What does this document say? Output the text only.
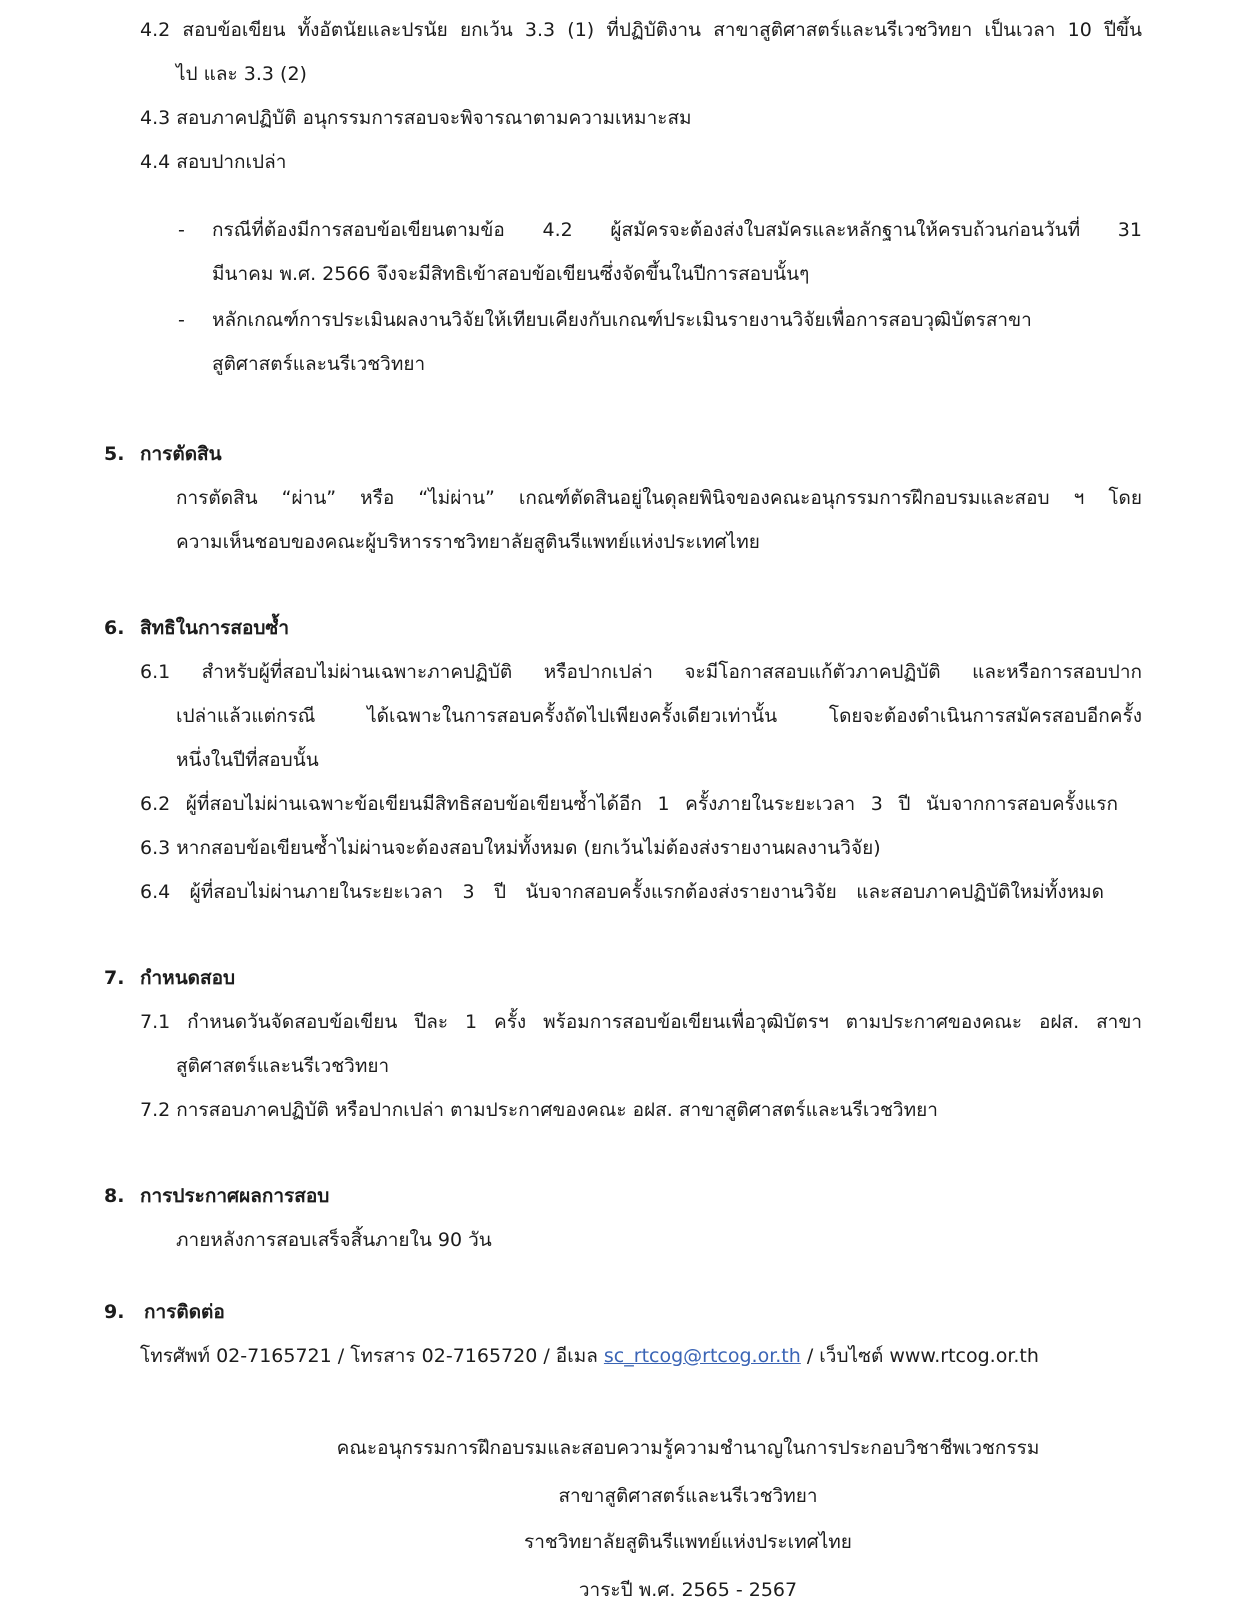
4.2 สอบข้อเขียน ทั้งอัตนัยและปรนัย ยกเว้น 3.3 (1) ที่ปฏิบัติงาน สาขาสูติศาสตร์และนรีเวชวิทยา เป็นเวลา 10 ปีขึ้น
ไป และ 3.3 (2)
4.3 สอบภาคปฏิบัติ อนุกรรมการสอบจะพิจารณาตามความเหมาะสม
4.4 สอบปากเปล่า
- กรณีที่ต้องมีการสอบข้อเขียนตามข้อ 4.2 ผู้สมัครจะต้องส่งใบสมัครและหลักฐานให้ครบถ้วนก่อนวันที่ 31
มีนาคม พ.ศ. 2566 จึงจะมีสิทธิเข้าสอบข้อเขียนซึ่งจัดขึ้นในปีการสอบนั้นๆ
- หลักเกณฑ์การประเมินผลงานวิจัยให้เทียบเคียงกับเกณฑ์ประเมินรายงานวิจัยเพื่อการสอบวุฒิบัตรสาขา
สูติศาสตร์และนรีเวชวิทยา
5. การตัดสิน
การตัดสิน “ผ่าน” หรือ “ไม่ผ่าน” เกณฑ์ตัดสินอยู่ในดุลยพินิจของคณะอนุกรรมการฝึกอบรมและสอบ ฯ โดย
ความเห็นชอบของคณะผู้บริหารราชวิทยาลัยสูตินรีแพทย์แห่งประเทศไทย
6. สิทธิในการสอบซ้ำ
6.1 สำหรับผู้ที่สอบไม่ผ่านเฉพาะภาคปฏิบัติ หรือปากเปล่า จะมีโอกาสสอบแก้ตัวภาคปฏิบัติ และหรือการสอบปาก
เปล่าแล้วแต่กรณี ได้เฉพาะในการสอบครั้งถัดไปเพียงครั้งเดียวเท่านั้น โดยจะต้องดำเนินการสมัครสอบอีกครั้ง
หนึ่งในปีที่สอบนั้น
6.2 ผู้ที่สอบไม่ผ่านเฉพาะข้อเขียนมีสิทธิสอบข้อเขียนซ้ำได้อีก 1 ครั้งภายในระยะเวลา 3 ปี นับจากการสอบครั้งแรก
6.3 หากสอบข้อเขียนซ้ำไม่ผ่านจะต้องสอบใหม่ทั้งหมด (ยกเว้นไม่ต้องส่งรายงานผลงานวิจัย)
6.4 ผู้ที่สอบไม่ผ่านภายในระยะเวลา 3 ปี นับจากสอบครั้งแรกต้องส่งรายงานวิจัย และสอบภาคปฏิบัติใหม่ทั้งหมด
7. กำหนดสอบ
7.1 กำหนดวันจัดสอบข้อเขียน ปีละ 1 ครั้ง พร้อมการสอบข้อเขียนเพื่อวุฒิบัตรฯ ตามประกาศของคณะ อฝส. สาขา
สูติศาสตร์และนรีเวชวิทยา
7.2 การสอบภาคปฏิบัติ หรือปากเปล่า ตามประกาศของคณะ อฝส. สาขาสูติศาสตร์และนรีเวชวิทยา
8. การประกาศผลการสอบ
ภายหลังการสอบเสร็จสิ้นภายใน 90 วัน
9. การติดต่อ
โทรศัพท์ 02-7165721 / โทรสาร 02-7165720 / อีเมล sc_rtcog@rtcog.or.th / เว็บไซต์ www.rtcog.or.th
คณะอนุกรรมการฝึกอบรมและสอบความรู้ความชำนาญในการประกอบวิชาชีพเวชกรรม
สาขาสูติศาสตร์และนรีเวชวิทยา
ราชวิทยาลัยสูตินรีแพทย์แห่งประเทศไทย
วาระปี พ.ศ. 2565 - 2567
